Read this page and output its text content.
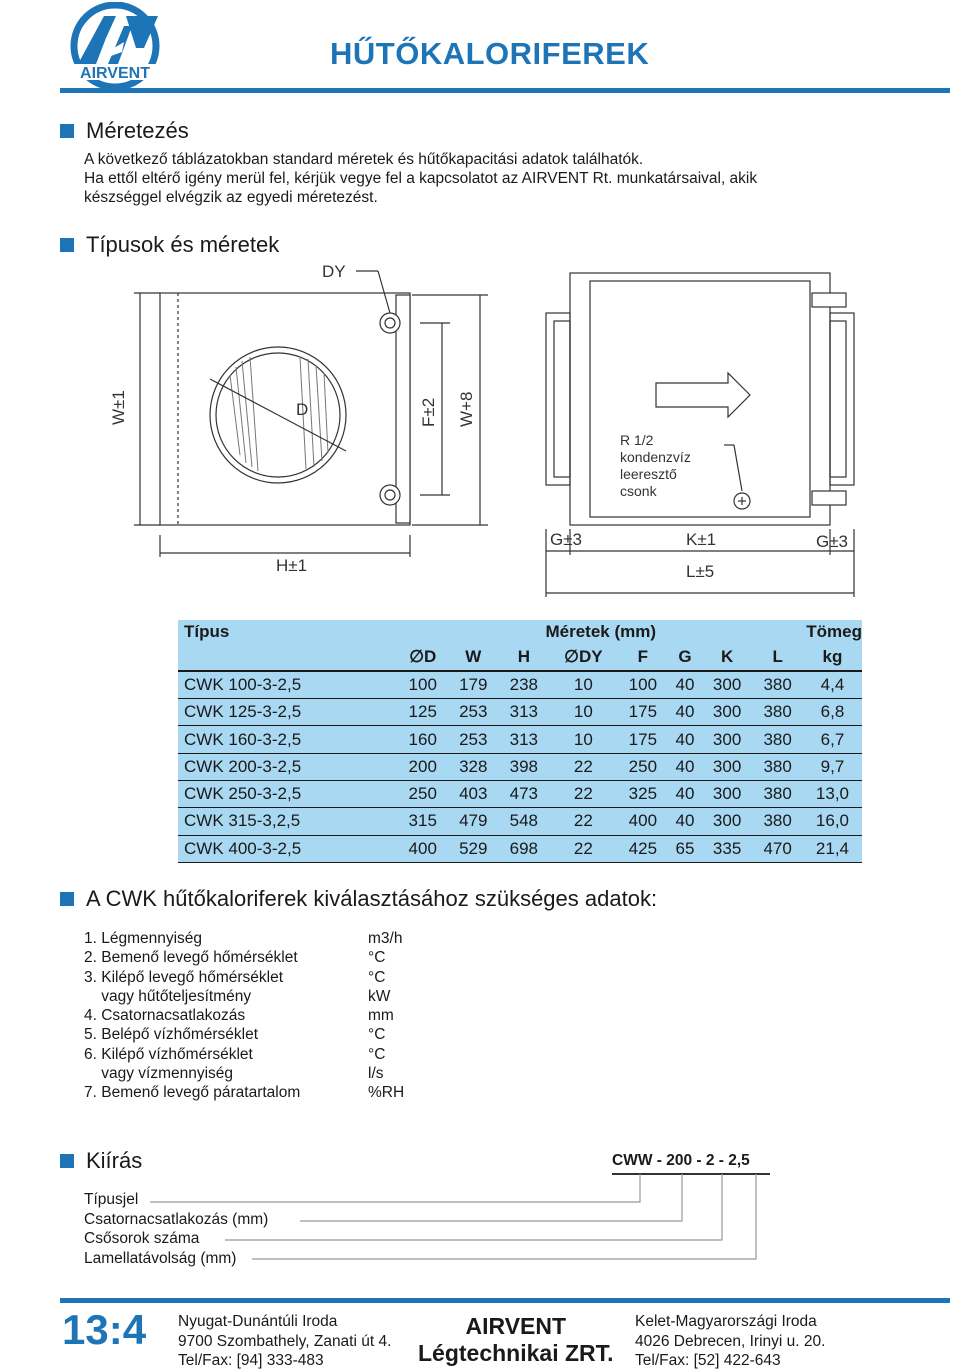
AIRVENT
HŰTŐKALORIFEREK
Méretezés
A következő táblázatokban standard méretek és hűtőkapacitási adatok találhatók.
Ha ettől eltérő igény merül fel, kérjük vegye fel a kapcsolatot az AIRVENT Rt. munkatársaival, akik
készséggel elvégzik az egyedi méretezést.
Típusok és méretek
DY
D
W±1	F±2 W+8
H±1
G±3	K±1	G±3
L±5
R 1/2
kondenzvíz
leeresztő
csonk
Típus	Méretek (mm) Tömeg								

	∅D	W	H	∅DY	F	G	K	L	kg
CWK 100-3-2,5	100	179	238	10	100	40	300	380	4,4
CWK 125-3-2,5	125	253	313	10	175	40	300	380	6,8
CWK 160-3-2,5	160	253	313	10	175	40	300	380	6,7
CWK 200-3-2,5	200	328	398	22	250	40	300	380	9,7
CWK 250-3-2,5	250	403	473	22	325	40	300	380	13,0
CWK 315-3,2,5	315	479	548	22	400	40	300	380	16,0
CWK 400-3-2,5	400	529	698	22	425	65	335	470	21,4
A CWK hűtőkaloriferek kiválasztásához szükséges adatok:
1. Légmennyiség	m3/h
2. Bemenő levegő hőmérséklet	°C
3. Kilépő levegő hőmérséklet	°C
vagy hűtőteljesítmény	kW
4. Csatornacsatlakozás	mm
5. Belépő vízhőmérséklet	°C
6. Kilépő vízhőmérséklet	°C
vagy vízmennyiség	l/s
7. Bemenő levegő páratartalom	%RH
Kiírás	CWW - 200 - 2 - 2,5
Típusjel
Csatornacsatlakozás (mm)
Csősorok száma
Lamellatávolság (mm)
13:4 Nyugat-Dunántúli Iroda
9700 Szombathely, Zanati út 4.
Tel/Fax: [94] 333-483
AIRVENT
Légtechnikai ZRT.
Kelet-Magyarországi Iroda
4026 Debrecen, Irinyi u. 20.
Tel/Fax: [52] 422-643
